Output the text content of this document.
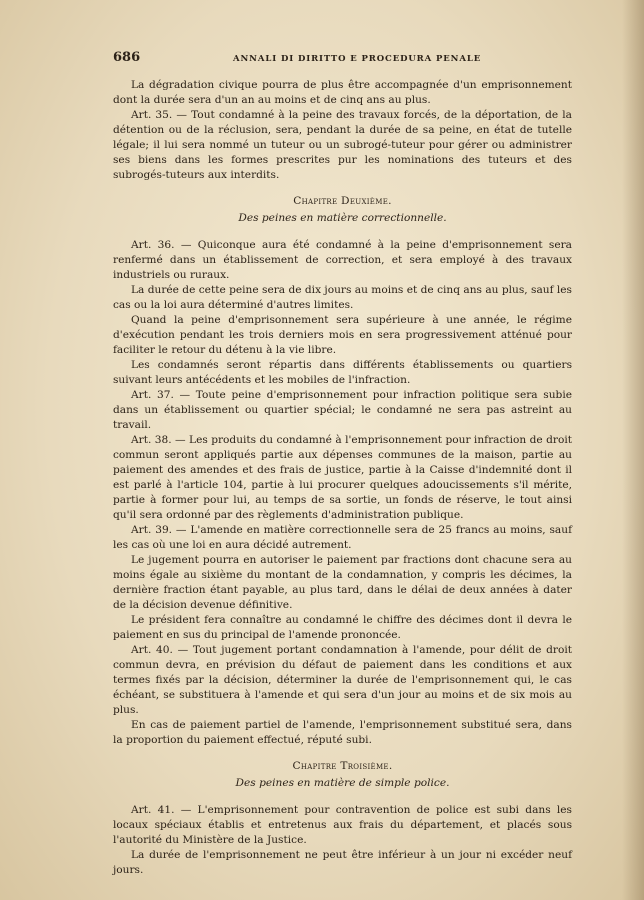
686	ANNALI DI DIRITTO E PROCEDURA PENALE

La dégradation civique pourra de plus être accompagnée d'un emprisonnement dont la durée sera d'un an au moins et de cinq ans au plus.

Art. 35. — Tout condamné à la peine des travaux forcés, de la déportation, de la détention ou de la réclusion, sera, pendant la durée de sa peine, en état de tutelle légale; il lui sera nommé un tuteur ou un subrogé-tuteur pour gérer ou administrer ses biens dans les formes prescrites pur les nominations des tuteurs et des subrogés-tuteurs aux interdits.

Chapitre Deuxième.
Des peines en matière correctionnelle.

Art. 36. — Quiconque aura été condamné à la peine d'emprisonnement sera renfermé dans un établissement de correction, et sera employé à des travaux industriels ou ruraux.

La durée de cette peine sera de dix jours au moins et de cinq ans au plus, sauf les cas ou la loi aura déterminé d'autres limites.

Quand la peine d'emprisonnement sera supérieure à une année, le régime d'exécution pendant les trois derniers mois en sera progressivement atténué pour faciliter le retour du détenu à la vie libre.

Les condamnés seront répartis dans différents établissements ou quartiers suivant leurs antécédents et les mobiles de l'infraction.

Art. 37. — Toute peine d'emprisonnement pour infraction politique sera subie dans un établissement ou quartier spécial; le condamné ne sera pas astreint au travail.

Art. 38. — Les produits du condamné à l'emprisonnement pour infraction de droit commun seront appliqués partie aux dépenses communes de la maison, partie au paiement des amendes et des frais de justice, partie à la Caisse d'indemnité dont il est parlé à l'article 104, partie à lui procurer quelques adoucissements s'il mérite, partie à former pour lui, au temps de sa sortie, un fonds de réserve, le tout ainsi qu'il sera ordonné par des règlements d'administration publique.

Art. 39. — L'amende en matière correctionnelle sera de 25 francs au moins, sauf les cas où une loi en aura décidé autrement.

Le jugement pourra en autoriser le paiement par fractions dont chacune sera au moins égale au sixième du montant de la condamnation, y compris les décimes, la dernière fraction étant payable, au plus tard, dans le délai de deux années à dater de la décision devenue définitive.

Le président fera connaître au condamné le chiffre des décimes dont il devra le paiement en sus du principal de l'amende prononcée.

Art. 40. — Tout jugement portant condamnation à l'amende, pour délit de droit commun devra, en prévision du défaut de paiement dans les conditions et aux termes fixés par la décision, déterminer la durée de l'emprisonnement qui, le cas échéant, se substituera à l'amende et qui sera d'un jour au moins et de six mois au plus.

En cas de paiement partiel de l'amende, l'emprisonnement substitué sera, dans la proportion du paiement effectué, réputé subi.

Chapitre Troisième.
Des peines en matière de simple police.

Art. 41. — L'emprisonnement pour contravention de police est subi dans les locaux spéciaux établis et entretenus aux frais du département, et placés sous l'autorité du Ministère de la Justice.

La durée de l'emprisonnement ne peut être inférieur à un jour ni excéder neuf jours.
